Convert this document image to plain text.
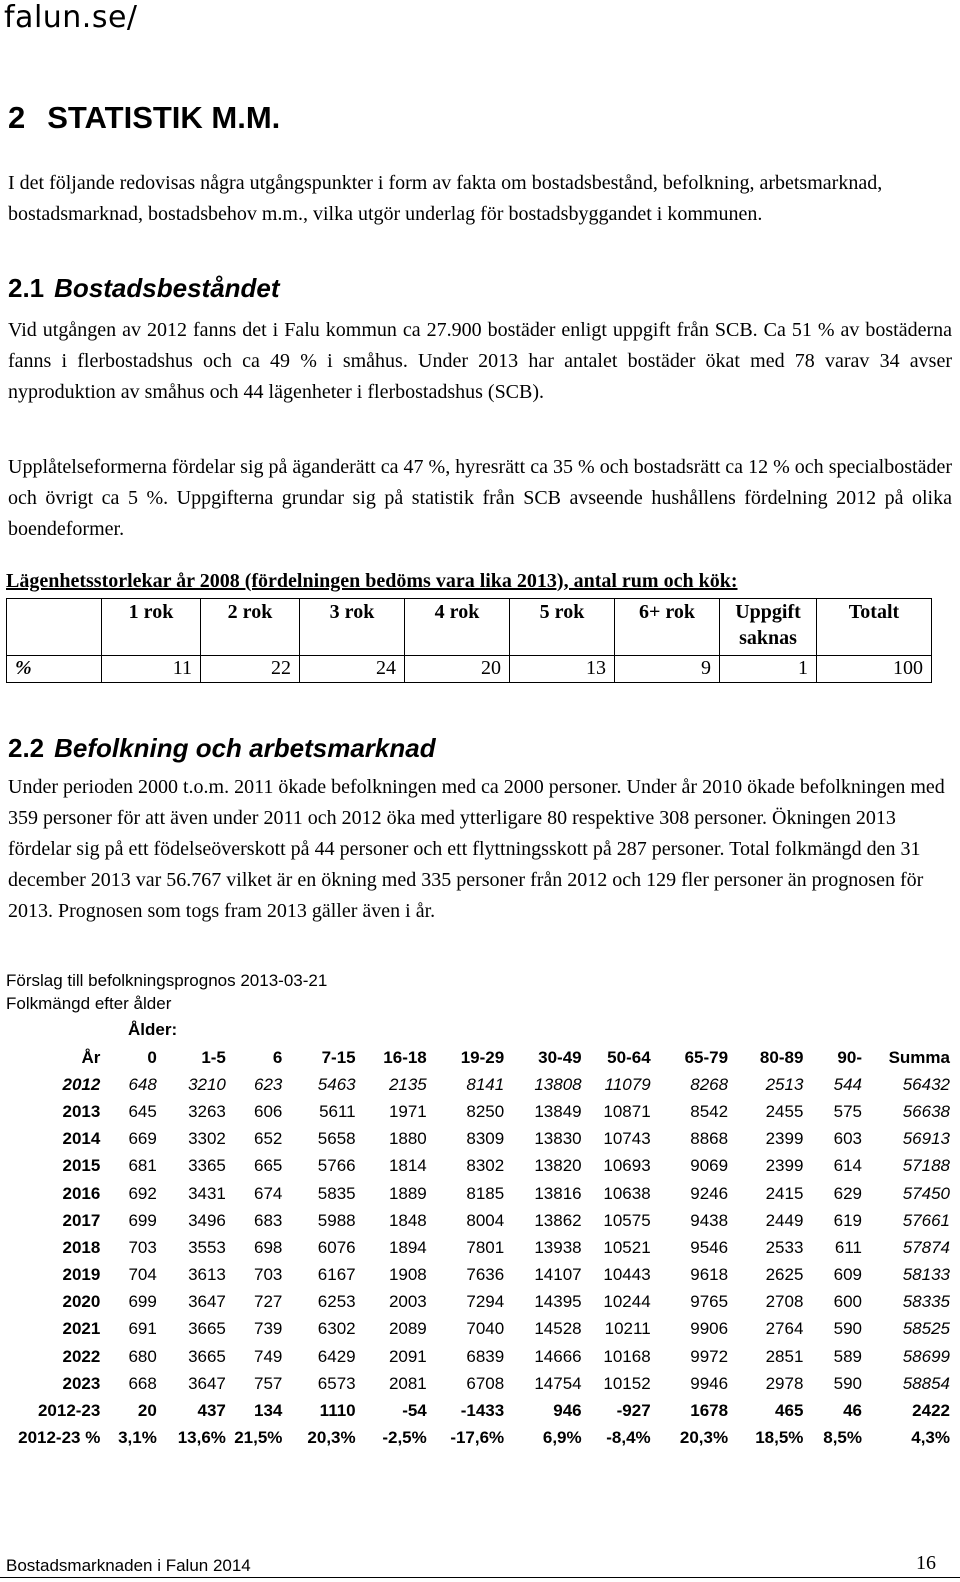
falun.se/
2 STATISTIK M.M.
I det följande redovisas några utgångspunkter i form av fakta om bostadsbestånd, befolkning, arbetsmarknad, bostadsmarknad, bostadsbehov m.m., vilka utgör underlag för bostadsbyggandet i kommunen.
2.1 Bostadsbeståndet
Vid utgången av 2012 fanns det i Falu kommun ca 27.900 bostäder enligt uppgift från SCB. Ca 51 % av bostäderna fanns i flerbostadshus och ca 49 % i småhus. Under 2013 har antalet bostäder ökat med 78 varav 34 avser nyproduktion av småhus och 44 lägenheter i flerbostadshus (SCB).
Upplåtelseformerna fördelar sig på äganderätt ca 47 %, hyresrätt ca 35 % och bostadsrätt ca 12 % och specialbostäder och övrigt ca 5 %. Uppgifterna grundar sig på statistik från SCB avseende hushållens fördelning 2012 på olika boendeformer.
Lägenhetsstorlekar år 2008 (fördelningen bedöms vara lika 2013), antal rum och kök:
	1 rok	2 rok	3 rok	4 rok	5 rok	6+ rok	Uppgift saknas	Totalt
%	11	22	24	20	13	9	1	100
2.2 Befolkning och arbetsmarknad
Under perioden 2000 t.o.m. 2011 ökade befolkningen med ca 2000 personer. Under år 2010 ökade befolkningen med 359 personer för att även under 2011 och 2012 öka med ytterligare 80 respektive 308 personer. Ökningen 2013 fördelar sig på ett födelseöverskott på 44 personer och ett flyttningsskott på 287 personer. Total folkmängd den 31 december 2013 var 56.767 vilket är en ökning med 335 personer från 2012 och 129 fler personer än prognosen för 2013. Prognosen som togs fram 2013 gäller även i år.
Förslag till befolkningsprognos 2013-03-21
Folkmängd efter ålder
Ålder:
År	0	1-5	6	7-15	16-18	19-29	30-49	50-64	65-79	80-89	90-	Summa
2012	648	3210	623	5463	2135	8141	13808	11079	8268	2513	544	56432
2013	645	3263	606	5611	1971	8250	13849	10871	8542	2455	575	56638
2014	669	3302	652	5658	1880	8309	13830	10743	8868	2399	603	56913
2015	681	3365	665	5766	1814	8302	13820	10693	9069	2399	614	57188
2016	692	3431	674	5835	1889	8185	13816	10638	9246	2415	629	57450
2017	699	3496	683	5988	1848	8004	13862	10575	9438	2449	619	57661
2018	703	3553	698	6076	1894	7801	13938	10521	9546	2533	611	57874
2019	704	3613	703	6167	1908	7636	14107	10443	9618	2625	609	58133
2020	699	3647	727	6253	2003	7294	14395	10244	9765	2708	600	58335
2021	691	3665	739	6302	2089	7040	14528	10211	9906	2764	590	58525
2022	680	3665	749	6429	2091	6839	14666	10168	9972	2851	589	58699
2023	668	3647	757	6573	2081	6708	14754	10152	9946	2978	590	58854
2012-23	20	437	134	1110	-54	-1433	946	-927	1678	465	46	2422
2012-23 %	3,1%	13,6%	21,5%	20,3%	-2,5%	-17,6%	6,9%	-8,4%	20,3%	18,5%	8,5%	4,3%
Bostadsmarknaden i Falun 2014	16
